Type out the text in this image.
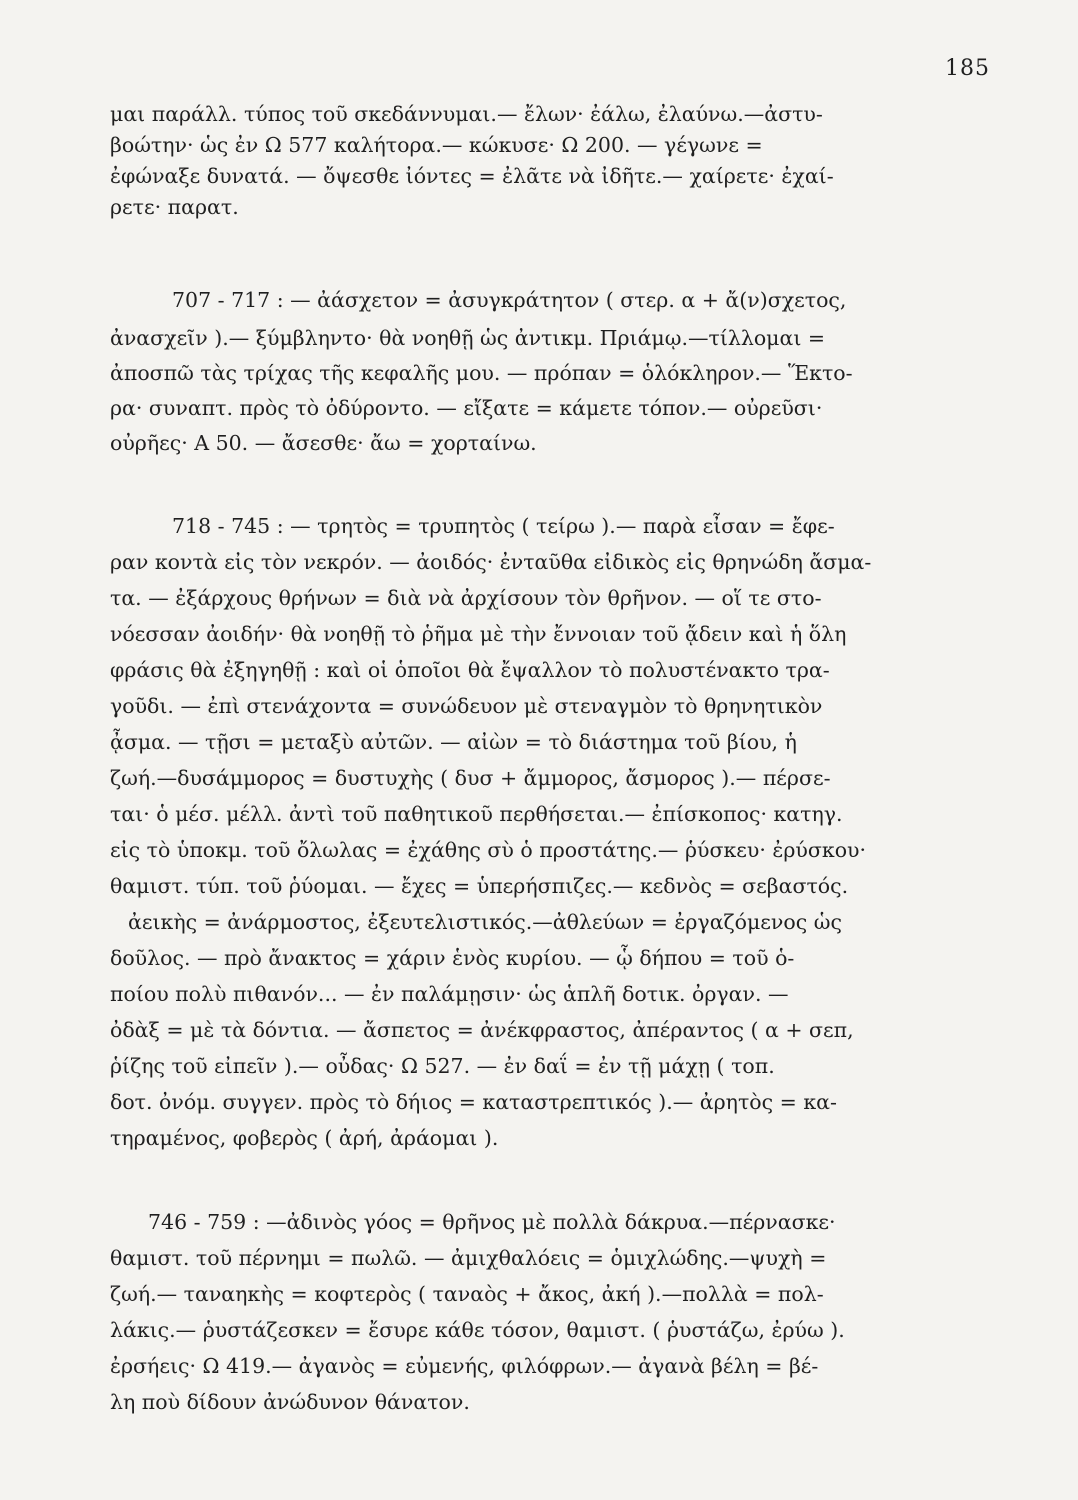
185
μαι παράλλ. τύπος τοῦ σκεδάννυμαι.— ἔλων· ἐάλω, ἐλαύνω.—ἀστυ-
βοώτην· ὡς ἐν Ω 577 καλήτορα.— κώκυσε· Ω 200. — γέγωνε =
ἐφώναξε δυνατά. — ὄψεσθε ἰόντες = ἐλᾶτε νὰ ἰδῆτε.— χαίρετε· ἐχαί-
ρετε· παρατ.
707 - 717 : — ἀάσχετον = ἀσυγκράτητον ( στερ. α + ἄ(ν)σχετος,
ἀνασχεῖν ).— ξύμβληντο· θὰ νοηθῇ ὡς ἀντικμ. Πριάμῳ.—τίλλομαι =
ἀποσπῶ τὰς τρίχας τῆς κεφαλῆς μου. — πρόπαν = ὁλόκληρον.— Ἕκτο-
ρα· συναπτ. πρὸς τὸ ὀδύροντο. — εἴξατε = κάμετε τόπον.— οὐρεῦσι·
οὐρῆες· Α 50. — ἄσεσθε· ἄω = χορταίνω.
718 - 745 : — τρητὸς = τρυπητὸς ( τείρω ).— παρὰ εἶσαν = ἔφε-
ραν κοντὰ εἰς τὸν νεκρόν. — ἀοιδός· ἐνταῦθα εἰδικὸς εἰς θρηνώδη ἄσμα-
τα. — ἐξάρχους θρήνων = διὰ νὰ ἀρχίσουν τὸν θρῆνον. — οἵ τε στο-
νόεσσαν ἀοιδήν· θὰ νοηθῇ τὸ ῥῆμα μὲ τὴν ἔννοιαν τοῦ ᾄδειν καὶ ἡ ὅλη
φράσις θὰ ἐξηγηθῇ : καὶ οἱ ὁποῖοι θὰ ἔψαλλον τὸ πολυστένακτο τρα-
γοῦδι. — ἐπὶ στενάχοντα = συνώδευον μὲ στεναγμὸν τὸ θρηνητικὸν
ᾆσμα. — τῇσι = μεταξὺ αὐτῶν. — αἰὼν = τὸ διάστημα τοῦ βίου, ἡ
ζωή.—δυσάμμορος = δυστυχὴς ( δυσ + ἄμμορος, ἄσμορος ).— πέρσε-
ται· ὁ μέσ. μέλλ. ἀντὶ τοῦ παθητικοῦ περθήσεται.— ἐπίσκοπος· κατηγ.
εἰς τὸ ὑποκμ. τοῦ ὄλωλας = ἐχάθης σὺ ὁ προστάτης.— ῥύσκευ· ἐρύσκου·
θαμιστ. τύπ. τοῦ ῥύομαι. — ἔχες = ὑπερήσπιζες.— κεδνὸς = σεβαστός.
ἀεικὴς = ἀνάρμοστος, ἐξευτελιστικός.—ἀθλεύων = ἐργαζόμενος ὡς
δοῦλος. — πρὸ ἄνακτος = χάριν ἑνὸς κυρίου. — ᾧ δήπου = τοῦ ὁ-
ποίου πολὺ πιθανόν... — ἐν παλάμῃσιν· ὡς ἁπλῆ δοτικ. ὀργαν. —
ὀδὰξ = μὲ τὰ δόντια. — ἄσπετος = ἀνέκφραστος, ἀπέραντος ( α + σεπ,
ῥίζης τοῦ εἰπεῖν ).— οὖδας· Ω 527. — ἐν δαΐ = ἐν τῇ μάχῃ ( τοπ.
δοτ. ὀνόμ. συγγεν. πρὸς τὸ δήιος = καταστρεπτικός ).— ἀρητὸς = κα-
τηραμένος, φοβερὸς ( ἀρή, ἀράομαι ).
746 - 759 : —ἀδινὸς γόος = θρῆνος μὲ πολλὰ δάκρυα.—πέρνασκε·
θαμιστ. τοῦ πέρνημι = πωλῶ. — ἀμιχθαλόεις = ὁμιχλώδης.—ψυχὴ =
ζωή.— ταναηκὴς = κοφτερὸς ( ταναὸς + ἄκος, ἀκή ).—πολλὰ = πολ-
λάκις.— ῥυστάζεσκεν = ἔσυρε κάθε τόσον, θαμιστ. ( ῥυστάζω, ἐρύω ).
ἐρσήεις· Ω 419.— ἀγανὸς = εὐμενής, φιλόφρων.— ἀγανὰ βέλη = βέ-
λη ποὺ δίδουν ἀνώδυνον θάνατον.
